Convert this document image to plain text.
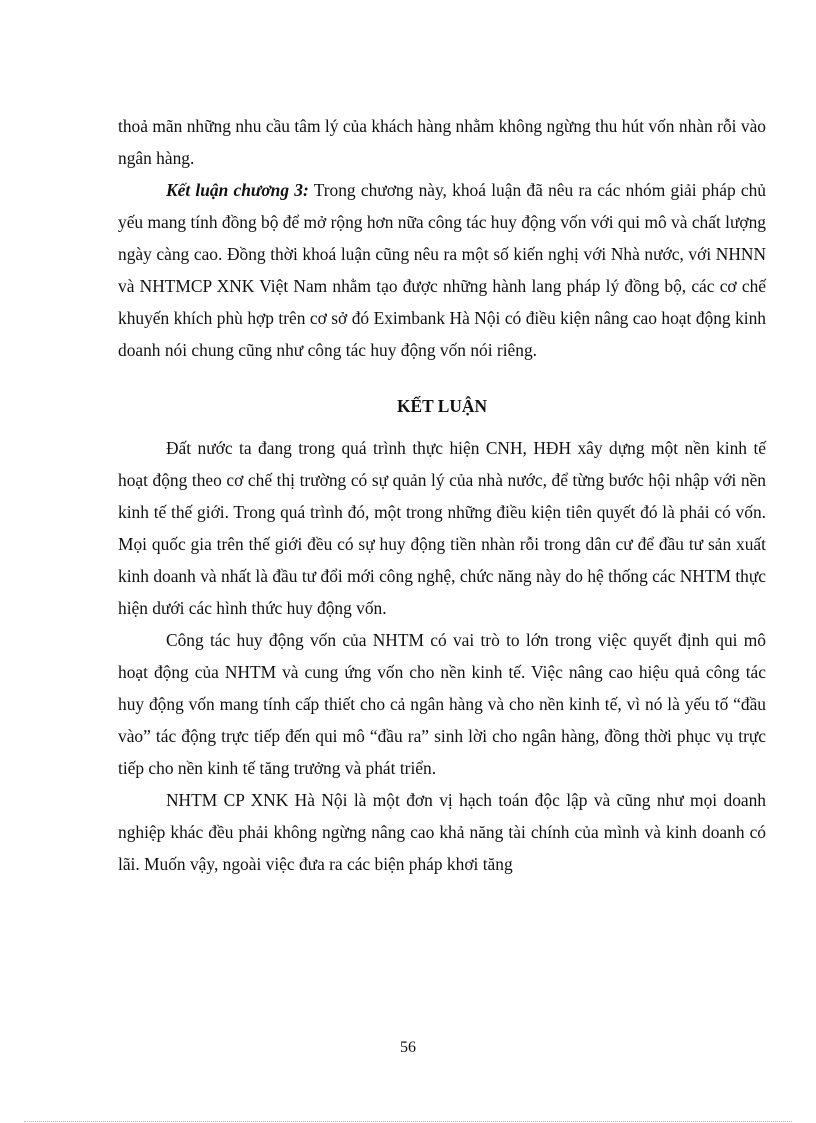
thoả mãn những nhu cầu tâm lý của khách hàng nhằm không ngừng thu hút vốn nhàn rỗi vào ngân hàng.

Kết luận chương 3: Trong chương này, khoá luận đã nêu ra các nhóm giải pháp chủ yếu mang tính đồng bộ để mở rộng hơn nữa công tác huy động vốn với qui mô và chất lượng ngày càng cao. Đồng thời khoá luận cũng nêu ra một số kiến nghị với Nhà nước, với NHNN và NHTMCP XNK Việt Nam nhằm tạo được những hành lang pháp lý đồng bộ, các cơ chế khuyến khích phù hợp trên cơ sở đó Eximbank Hà Nội có điều kiện nâng cao hoạt động kinh doanh nói chung cũng như công tác huy động vốn nói riêng.

KẾT LUẬN

Đất nước ta đang trong quá trình thực hiện CNH, HĐH xây dựng một nền kinh tế hoạt động theo cơ chế thị trường có sự quản lý của nhà nước, để từng bước hội nhập với nền kinh tế thế giới. Trong quá trình đó, một trong những điều kiện tiên quyết đó là phải có vốn. Mọi quốc gia trên thế giới đều có sự huy động tiền nhàn rỗi trong dân cư để đầu tư sản xuất kinh doanh và nhất là đầu tư đổi mới công nghệ, chức năng này do hệ thống các NHTM thực hiện dưới các hình thức huy động vốn.

Công tác huy động vốn của NHTM có vai trò to lớn trong việc quyết định qui mô hoạt động của NHTM và cung ứng vốn cho nền kinh tế. Việc nâng cao hiệu quả công tác huy động vốn mang tính cấp thiết cho cả ngân hàng và cho nền kinh tế, vì nó là yếu tố “đầu vào” tác động trực tiếp đến qui mô “đầu ra” sinh lời cho ngân hàng, đồng thời phục vụ trực tiếp cho nền kinh tế tăng trưởng và phát triển.

NHTM CP XNK Hà Nội là một đơn vị hạch toán độc lập và cũng như mọi doanh nghiệp khác đều phải không ngừng nâng cao khả năng tài chính của mình và kinh doanh có lãi. Muốn vậy, ngoài việc đưa ra các biện pháp khơi tăng

56
